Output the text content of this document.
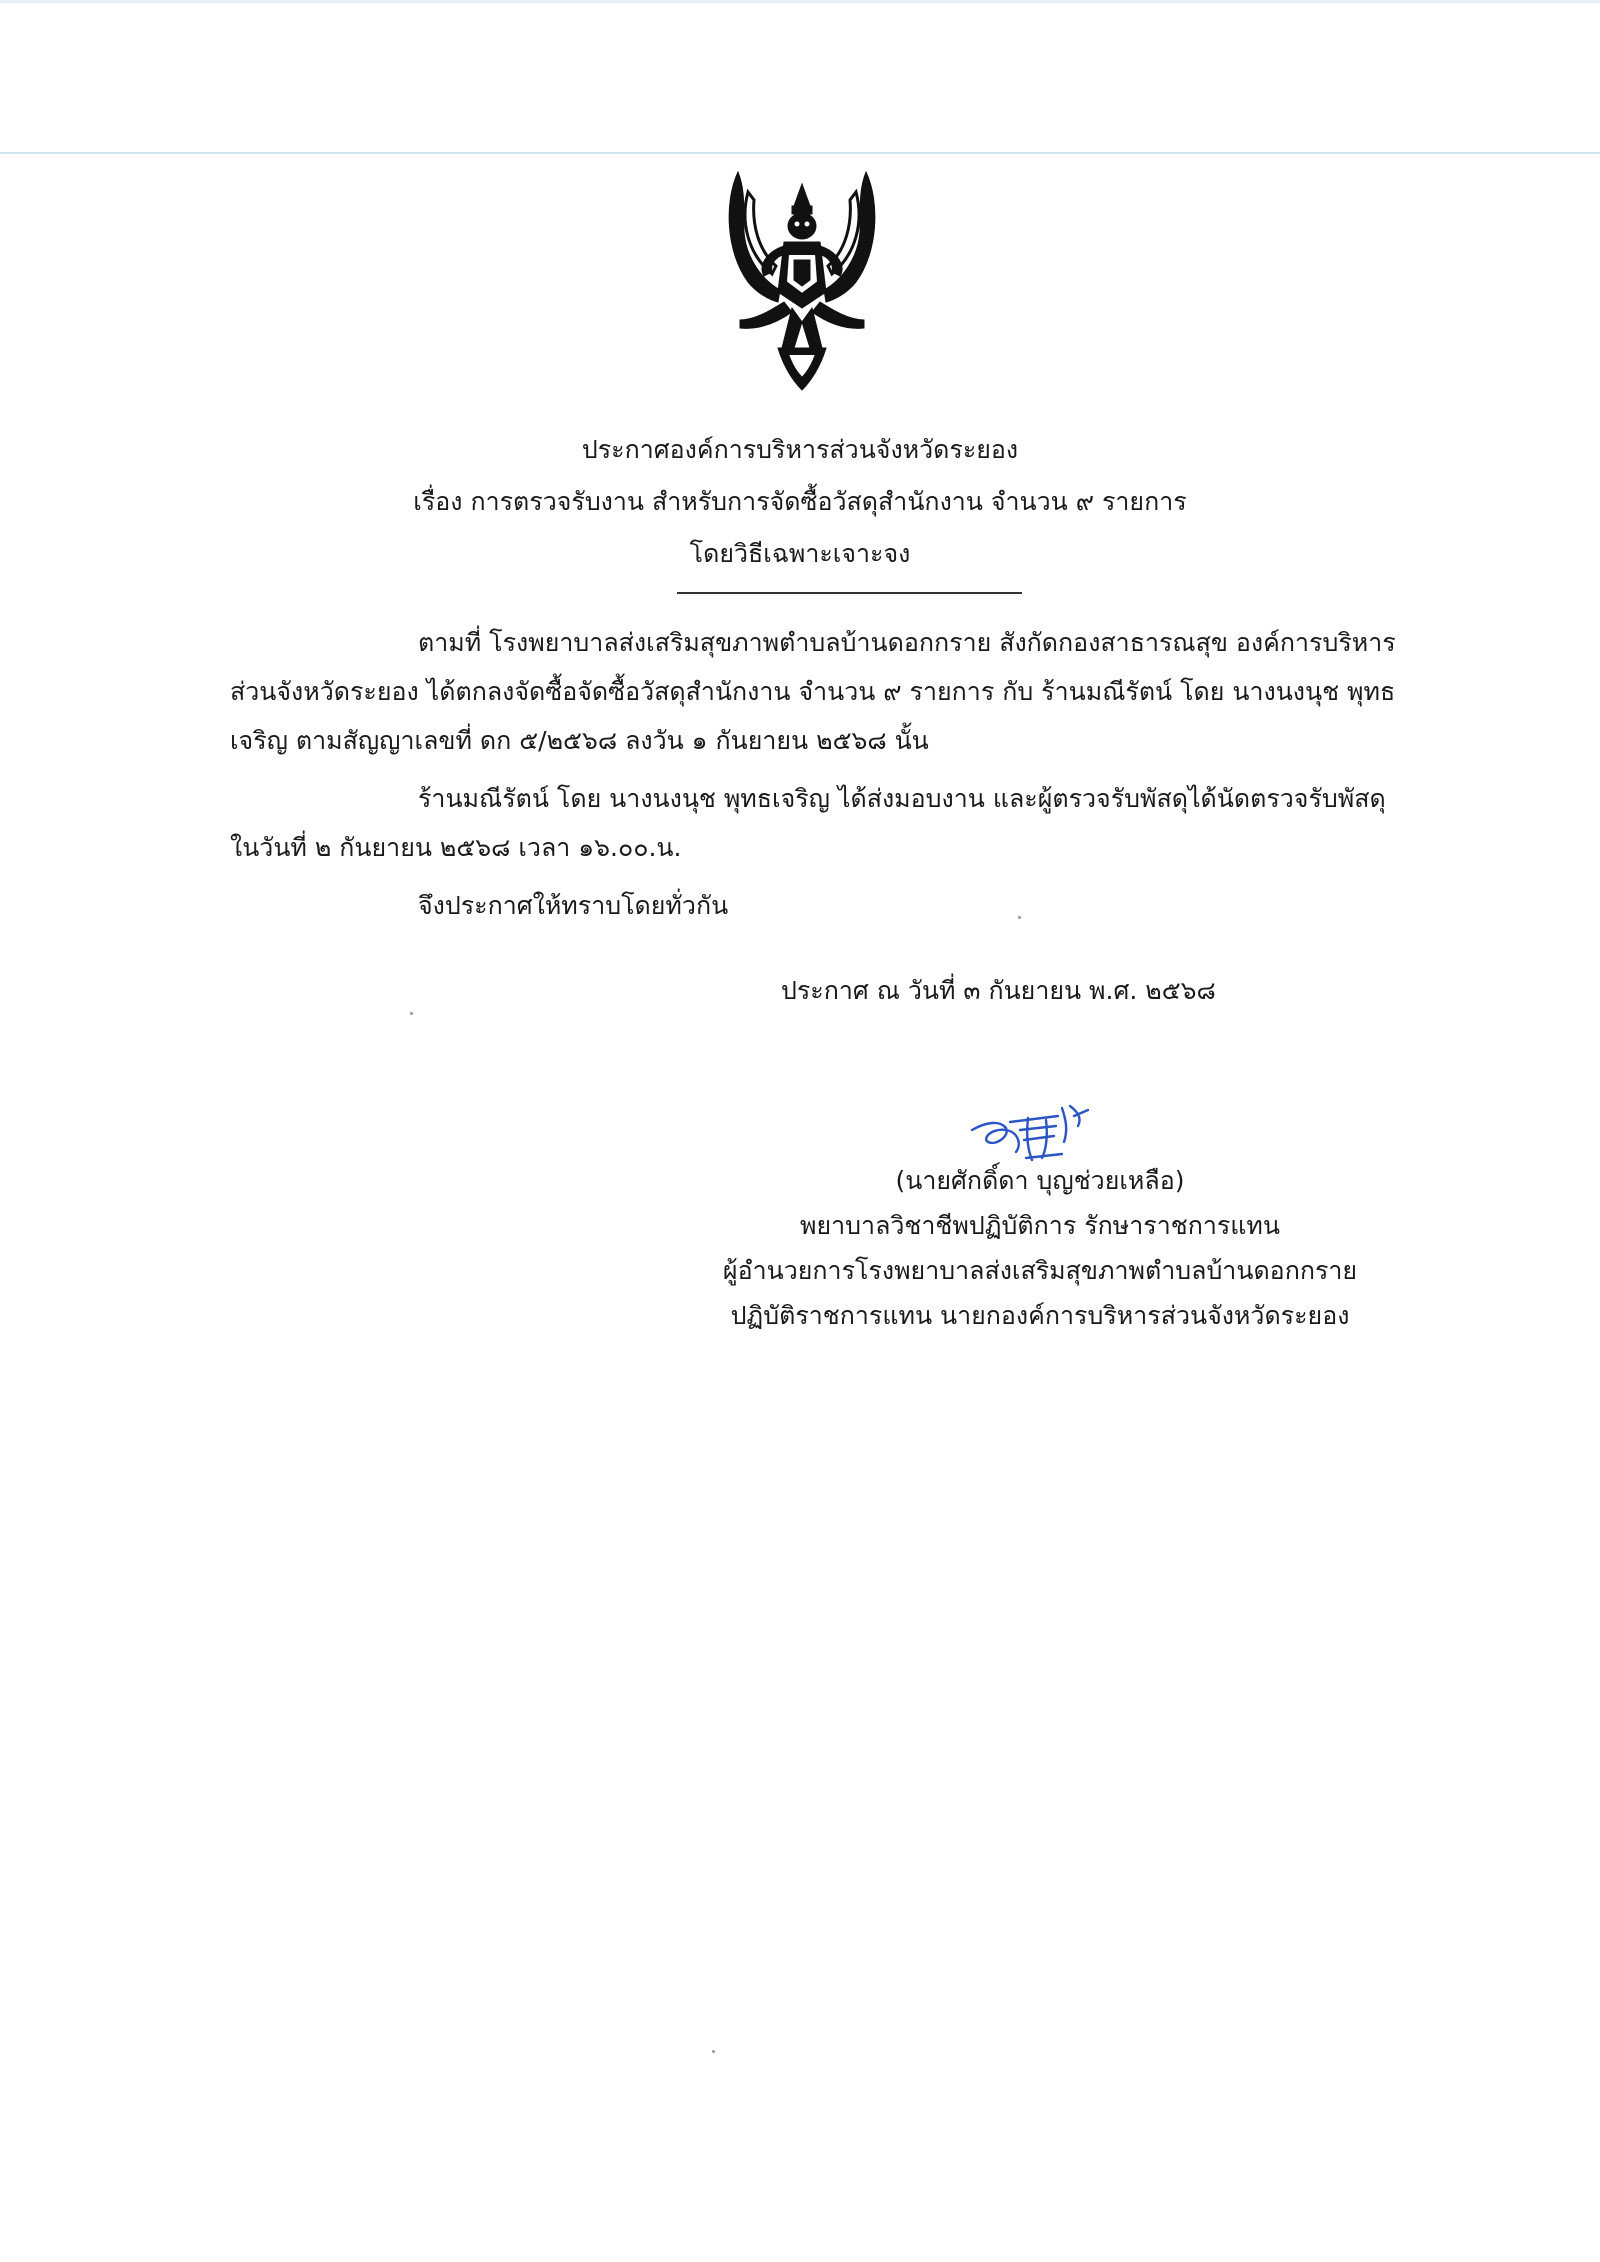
ประกาศองค์การบริหารส่วนจังหวัดระยอง
เรื่อง การตรวจรับงาน สำหรับการจัดซื้อวัสดุสำนักงาน จำนวน ๙ รายการ
โดยวิธีเฉพาะเจาะจง
ตามที่ โรงพยาบาลส่งเสริมสุขภาพตำบลบ้านดอกกราย สังกัดกองสาธารณสุข องค์การบริหาร
ส่วนจังหวัดระยอง ได้ตกลงจัดซื้อจัดซื้อวัสดุสำนักงาน จำนวน ๙ รายการ กับ ร้านมณีรัตน์ โดย นางนงนุช พุทธ
เจริญ ตามสัญญาเลขที่ ดก ๕/๒๕๖๘ ลงวัน ๑ กันยายน ๒๕๖๘ นั้น
ร้านมณีรัตน์ โดย นางนงนุช พุทธเจริญ ได้ส่งมอบงาน และผู้ตรวจรับพัสดุได้นัดตรวจรับพัสดุ
ในวันที่ ๒ กันยายน ๒๕๖๘ เวลา ๑๖.๐๐.น.
จึงประกาศให้ทราบโดยทั่วกัน
ประกาศ ณ วันที่ ๓ กันยายน พ.ศ. ๒๕๖๘
(นายศักดิ์ดา บุญช่วยเหลือ)
พยาบาลวิชาชีพปฏิบัติการ รักษาราชการแทน
ผู้อำนวยการโรงพยาบาลส่งเสริมสุขภาพตำบลบ้านดอกกราย
ปฏิบัติราชการแทน นายกองค์การบริหารส่วนจังหวัดระยอง
